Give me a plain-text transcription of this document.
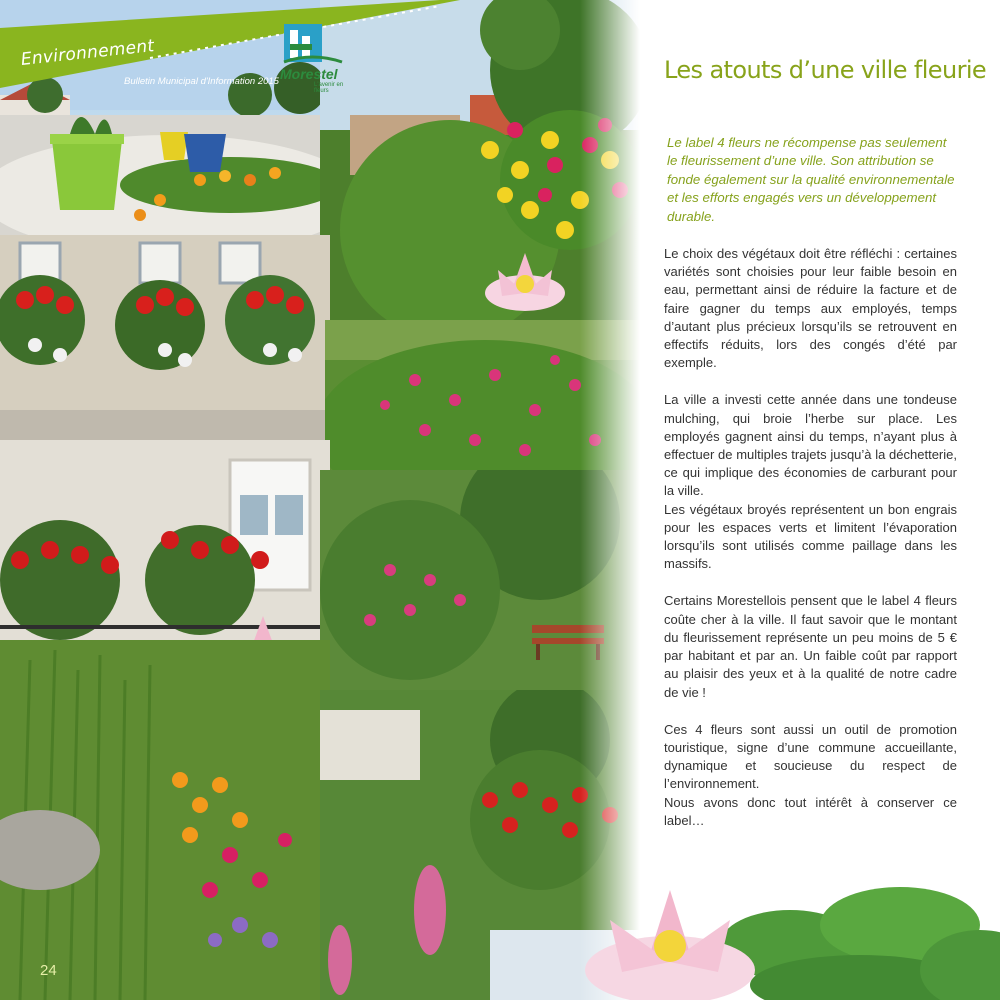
Environnement
Bulletin Municipal d'Information 2015 Morestel
L'avenir en fleurs
24
Les atouts d’une ville fleurie

Le label 4 fleurs ne récompense pas seulement le fleurissement d’une ville. Son attribution se fonde également sur la qualité environnementale et les efforts engagés vers un développement durable.

Le choix des végétaux doit être réfléchi : certaines variétés sont choisies pour leur faible besoin en eau, permettant ainsi de réduire la facture et de faire gagner du temps aux employés, temps d’autant plus précieux lorsqu’ils se retrouvent en effectifs réduits, lors des congés d’été par exemple.

La ville a investi cette année dans une tondeuse mulching, qui broie l’herbe sur place. Les employés gagnent ainsi du temps, n’ayant plus à effectuer de multiples trajets jusqu’à la déchetterie, ce qui implique des économies de carburant pour la ville.

Les végétaux broyés représentent un bon engrais pour les espaces verts et limitent l’évaporation lorsqu’ils sont utilisés comme paillage dans les massifs.

Certains Morestellois pensent que le label 4 fleurs coûte cher à la ville. Il faut savoir que le montant du fleurissement représente un peu moins de 5 € par habitant et par an. Un faible coût par rapport au plaisir des yeux et à la qualité de notre cadre de vie !

Ces 4 fleurs sont aussi un outil de promotion touristique, signe d’une commune accueillante, dynamique et soucieuse du respect de l’environnement.

Nous avons donc tout intérêt à conserver ce label…
